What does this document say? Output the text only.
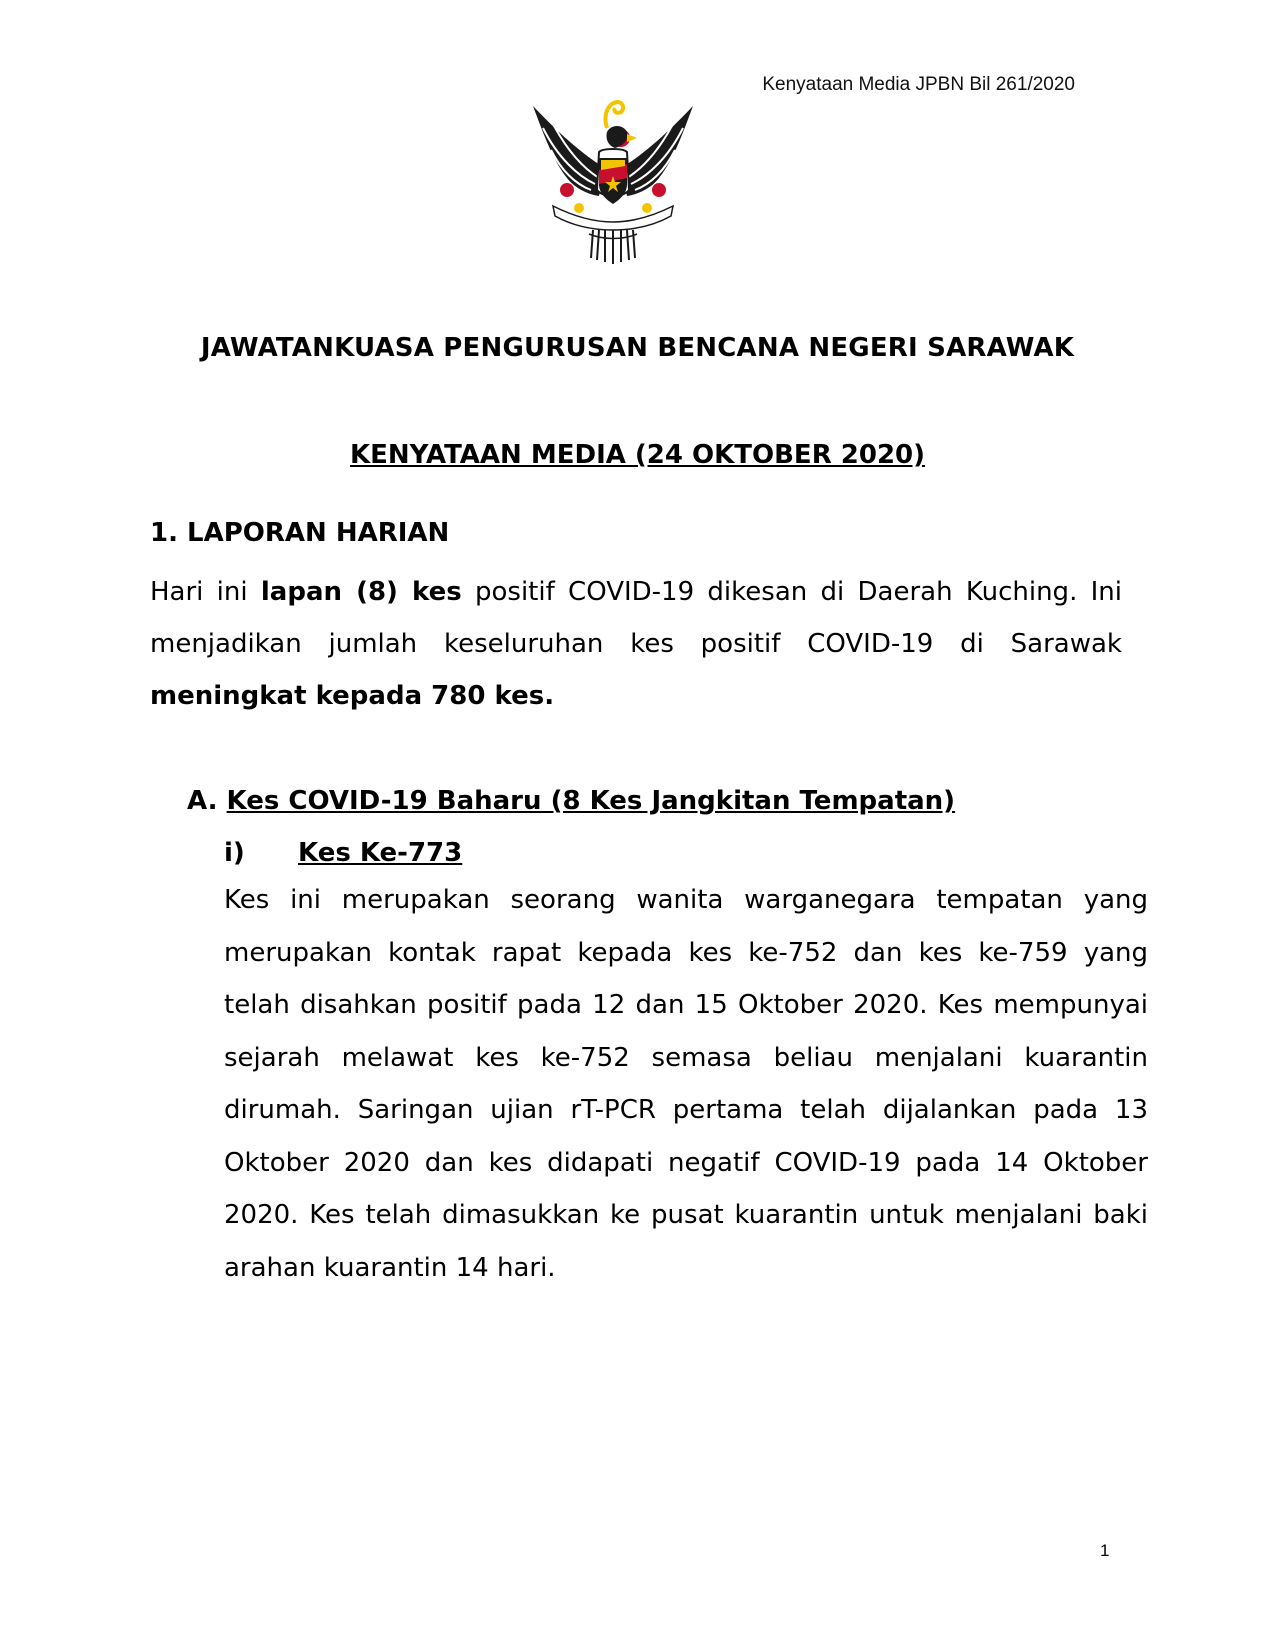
Kenyataan Media JPBN Bil 261/2020
JAWATANKUASA PENGURUSAN BENCANA NEGERI SARAWAK
KENYATAAN MEDIA (24 OKTOBER 2020)
1. LAPORAN HARIAN
Hari ini lapan (8) kes positif COVID-19 dikesan di Daerah Kuching. Ini menjadikan jumlah keseluruhan kes positif COVID-19 di Sarawak meningkat kepada 780 kes.
A. Kes COVID-19 Baharu (8 Kes Jangkitan Tempatan)
i) Kes Ke-773
Kes ini merupakan seorang wanita warganegara tempatan yang merupakan kontak rapat kepada kes ke-752 dan kes ke-759 yang telah disahkan positif pada 12 dan 15 Oktober 2020. Kes mempunyai sejarah melawat kes ke-752 semasa beliau menjalani kuarantin dirumah. Saringan ujian rT-PCR pertama telah dijalankan pada 13 Oktober 2020 dan kes didapati negatif COVID-19 pada 14 Oktober 2020. Kes telah dimasukkan ke pusat kuarantin untuk menjalani baki arahan kuarantin 14 hari.
1
